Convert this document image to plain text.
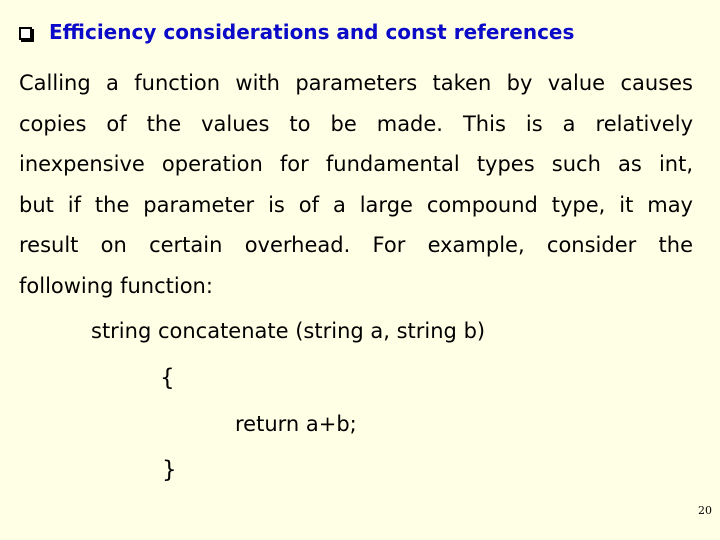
Efficiency considerations and const references
Calling a function with parameters taken by value causes
copies of the values to be made. This is a relatively
inexpensive operation for fundamental types such as int,
but if the parameter is of a large compound type, it may
result on certain overhead. For example, consider the
following function:
string concatenate (string a, string b)
{
return a+b;
}
20
